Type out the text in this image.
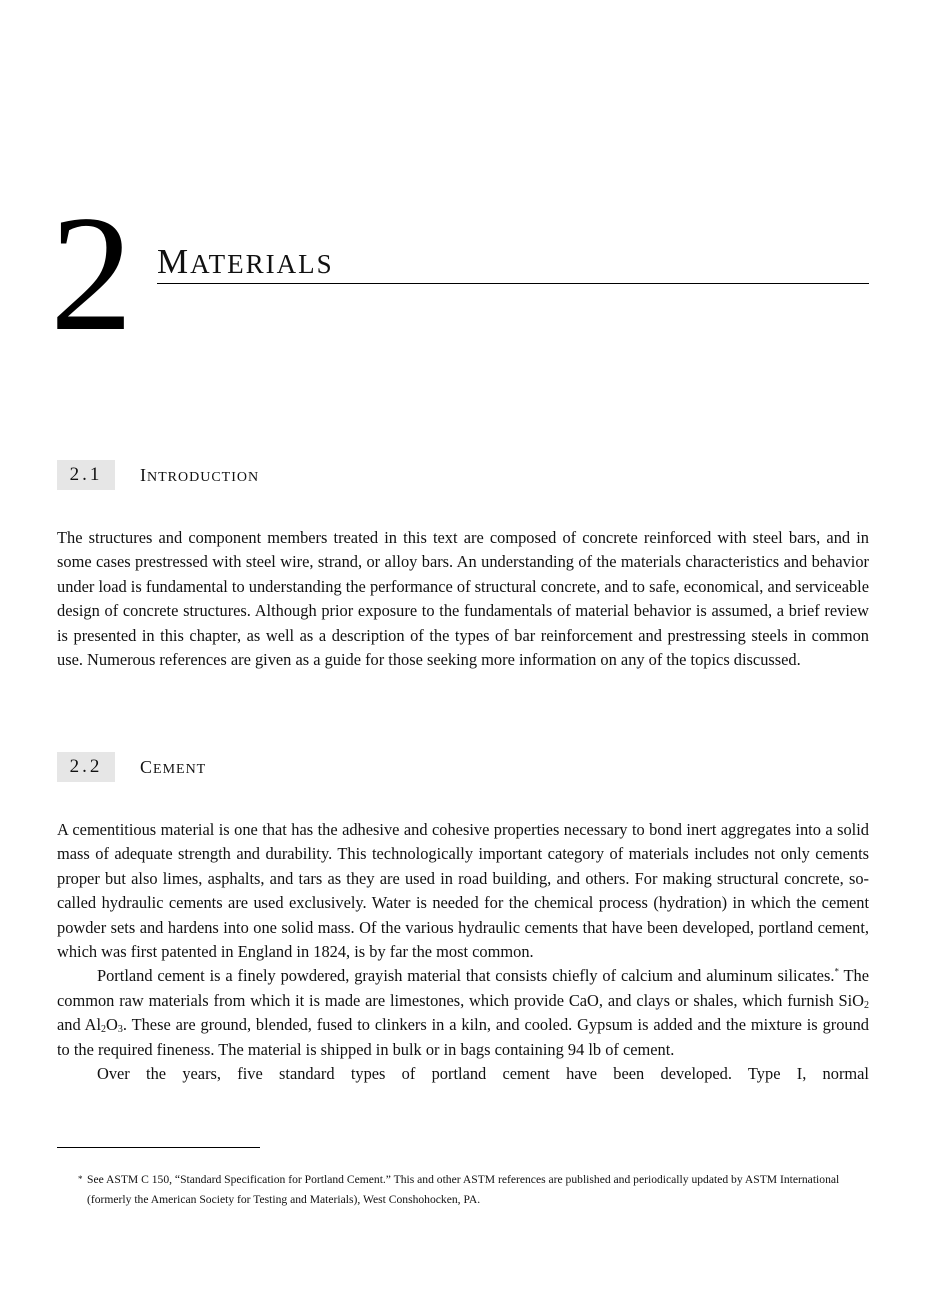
2 MATERIALS
2.1	INTRODUCTION

The structures and component members treated in this text are composed of concrete reinforced with steel bars, and in some cases prestressed with steel wire, strand, or alloy bars. An understanding of the materials characteristics and behavior under load is fundamental to understanding the performance of structural concrete, and to safe, economical, and serviceable design of concrete structures. Although prior exposure to the fundamentals of material behavior is assumed, a brief review is presented in this chapter, as well as a description of the types of bar reinforcement and prestressing steels in common use. Numerous references are given as a guide for those seeking more information on any of the topics discussed.

2.2	CEMENT

A cementitious material is one that has the adhesive and cohesive properties necessary to bond inert aggregates into a solid mass of adequate strength and durability. This technologically important category of materials includes not only cements proper but also limes, asphalts, and tars as they are used in road building, and others. For making structural concrete, so-called hydraulic cements are used exclusively. Water is needed for the chemical process (hydration) in which the cement powder sets and hardens into one solid mass. Of the various hydraulic cements that have been developed, portland cement, which was first patented in England in 1824, is by far the most common.

Portland cement is a finely powdered, grayish material that consists chiefly of calcium and aluminum silicates.* The common raw materials from which it is made are limestones, which provide CaO, and clays or shales, which furnish SiO$_2$ and $Al_2O_3$. These are ground, blended, fused to clinkers in a kiln, and cooled. Gypsum is added and the mixture is ground to the required fineness. The material is shipped in bulk or in bags containing 94 lb of cement.

Over the years, five standard types of portland cement have been developed. Type I, normal

* See ASTM C 150, “Standard Specification for Portland Cement.” This and other ASTM references are published and periodically updated by ASTM International (formerly the American Society for Testing and Materials), West Conshohocken, PA.
